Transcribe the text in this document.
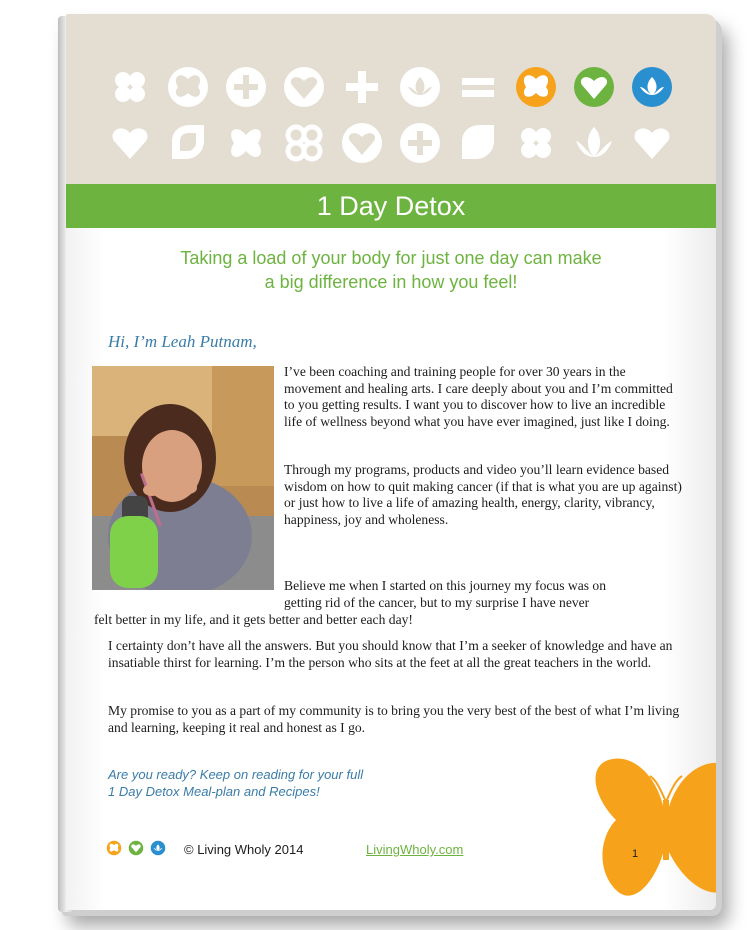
1 Day Detox
Taking a load of your body for just one day can make
a big difference in how you feel!
Hi, I’m Leah Putnam,

I’ve been coaching and training people for over 30 years in the movement and healing arts. I care deeply about you and I’m committed to you getting results. I want you to discover how to live an incredible life of wellness beyond what you have ever imagined, just like I doing.

Through my programs, products and video you’ll learn evidence based wisdom on how to quit making cancer (if that is what you are up against) or just how to live a life of amazing health, energy, clarity, vibrancy, happiness, joy and wholeness.

Believe me when I started on this journey my focus was on
getting rid of the cancer, but to my surprise I have never
felt better in my life, and it gets better and better each day!

I certainty don’t have all the answers. But you should know that I’m a seeker of knowledge and have an insatiable thirst for learning. I’m the person who sits at the feet at all the great teachers in the world.

My promise to you as a part of my community is to bring you the very best of the best of what I’m living and learning, keeping it real and honest as I go.

Are you ready? Keep on reading for your full
1 Day Detox Meal-plan and Recipes!
© Living Wholy 2014	LivingWholy.com	1
